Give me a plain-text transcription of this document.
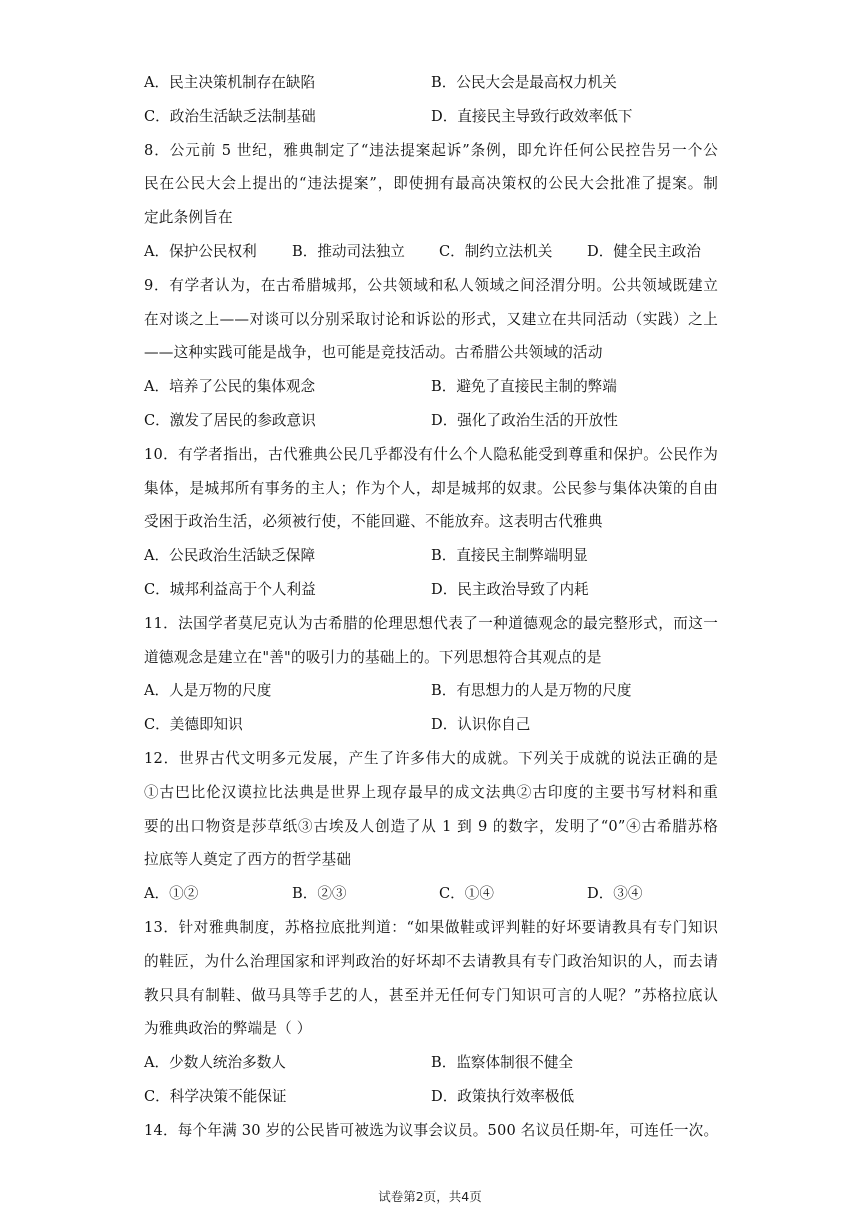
A．民主决策机制存在缺陷	B．公民大会是最高权力机关
C．政治生活缺乏法制基础	D．直接民主导致行政效率低下
8．公元前 5 世纪，雅典制定了“违法提案起诉”条例，即允许任何公民控告另一个公
民在公民大会上提出的“违法提案”，即使拥有最高决策权的公民大会批准了提案。制
定此条例旨在
A．保护公民权利	B．推动司法独立	C．制约立法机关	D．健全民主政治
9．有学者认为，在古希腊城邦，公共领域和私人领域之间泾渭分明。公共领域既建立
在对谈之上——对谈可以分别采取讨论和诉讼的形式，又建立在共同活动（实践）之上
——这种实践可能是战争，也可能是竞技活动。古希腊公共领域的活动
A．培养了公民的集体观念	B．避免了直接民主制的弊端
C．激发了居民的参政意识	D．强化了政治生活的开放性
10．有学者指出，古代雅典公民几乎都没有什么个人隐私能受到尊重和保护。公民作为
集体，是城邦所有事务的主人；作为个人，却是城邦的奴隶。公民参与集体决策的自由
受困于政治生活，必须被行使，不能回避、不能放弃。这表明古代雅典
A．公民政治生活缺乏保障	B．直接民主制弊端明显
C．城邦利益高于个人利益	D．民主政治导致了内耗
11．法国学者莫尼克认为古希腊的伦理思想代表了一种道德观念的最完整形式，而这一
道德观念是建立在"善"的吸引力的基础上的。下列思想符合其观点的是
A．人是万物的尺度	B．有思想力的人是万物的尺度
C．美德即知识	D．认识你自己
12．世界古代文明多元发展，产生了许多伟大的成就。下列关于成就的说法正确的是
①古巴比伦汉谟拉比法典是世界上现存最早的成文法典②古印度的主要书写材料和重
要的出口物资是莎草纸③古埃及人创造了从 1 到 9 的数字，发明了“0”④古希腊苏格
拉底等人奠定了西方的哲学基础
A．①②	B．②③	C．①④	D．③④
13．针对雅典制度，苏格拉底批判道：“如果做鞋或评判鞋的好坏要请教具有专门知识
的鞋匠，为什么治理国家和评判政治的好坏却不去请教具有专门政治知识的人，而去请
教只具有制鞋、做马具等手艺的人，甚至并无任何专门知识可言的人呢？”苏格拉底认
为雅典政治的弊端是（ ）
A．少数人统治多数人	B．监察体制很不健全
C．科学决策不能保证	D．政策执行效率极低
14．每个年满 30 岁的公民皆可被选为议事会议员。500 名议员任期-年，可连任一次。
试卷第2页，共4页
